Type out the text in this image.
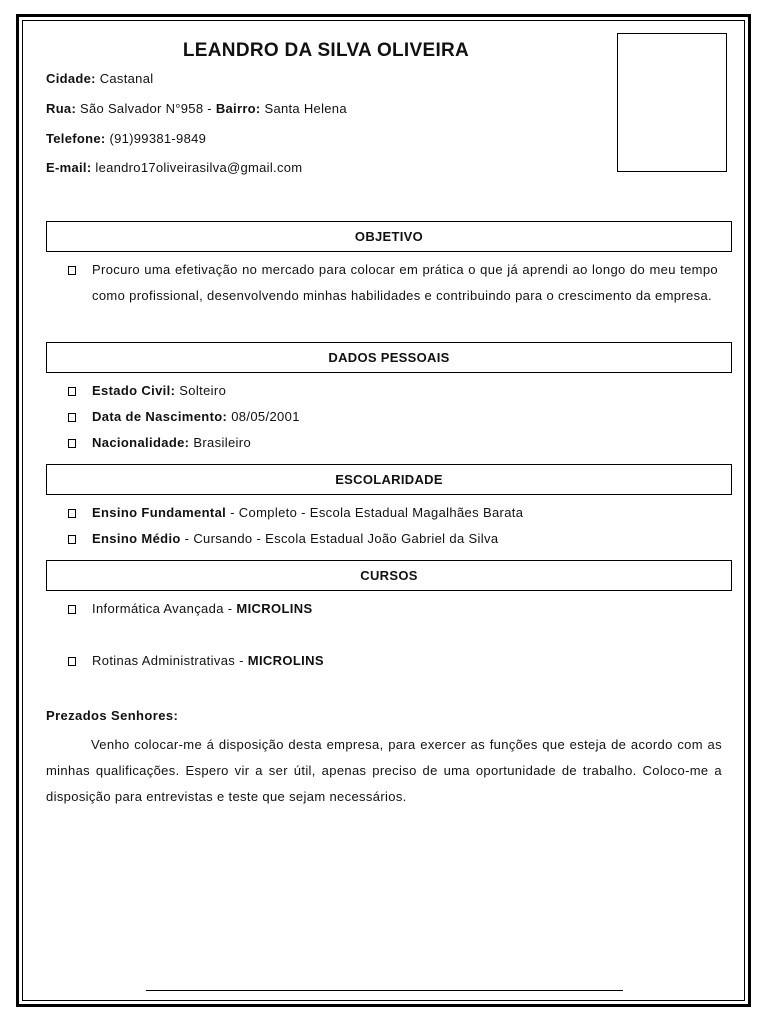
LEANDRO DA SILVA OLIVEIRA
Cidade: Castanal
Rua: São Salvador N°958 - Bairro: Santa Helena
Telefone: (91)99381-9849
E-mail: leandro17oliveirasilva@gmail.com
OBJETIVO
Procuro uma efetivação no mercado para colocar em prática o que já aprendi ao longo do meu tempo como profissional, desenvolvendo minhas habilidades e contribuindo para o crescimento da empresa.
DADOS PESSOAIS
Estado Civil: Solteiro
Data de Nascimento: 08/05/2001
Nacionalidade: Brasileiro
ESCOLARIDADE
Ensino Fundamental - Completo - Escola Estadual Magalhães Barata
Ensino Médio - Cursando - Escola Estadual João Gabriel da Silva
CURSOS
Informática Avançada - MICROLINS
Rotinas Administrativas - MICROLINS
Prezados Senhores:
Venho colocar-me á disposição desta empresa, para exercer as funções que esteja de acordo com as minhas qualificações. Espero vir a ser útil, apenas preciso de uma oportunidade de trabalho. Coloco-me a disposição para entrevistas e teste que sejam necessários.
